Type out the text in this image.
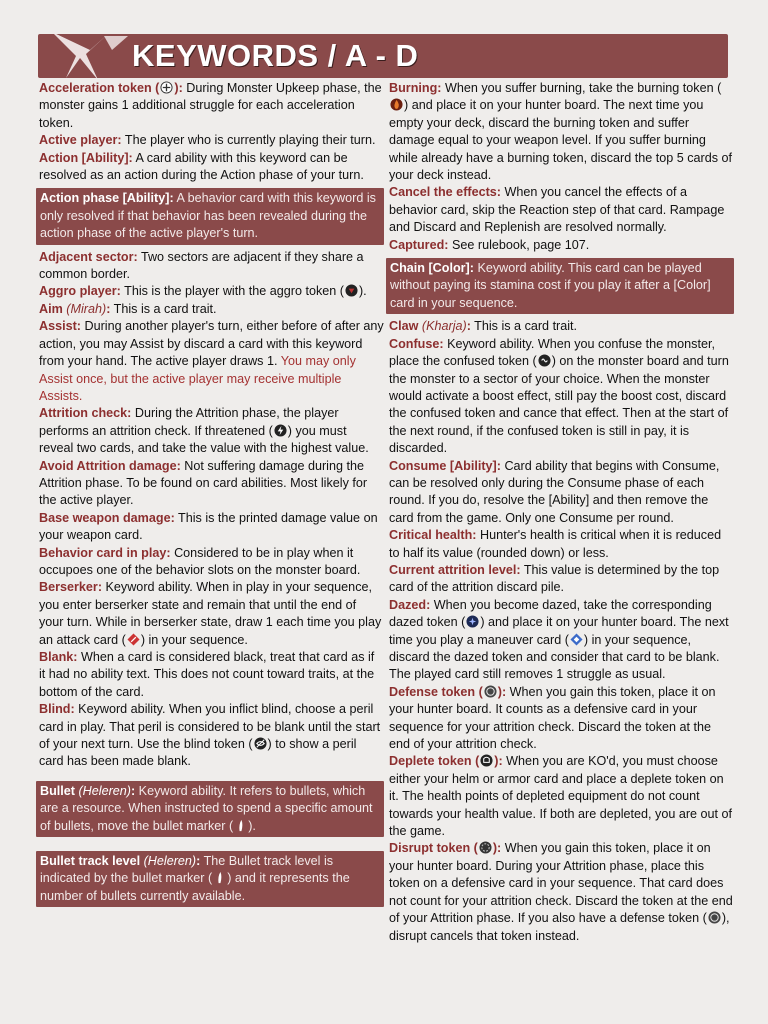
KEYWORDS / A - D

Acceleration token ( ): During Monster Upkeep phase, the monster gains 1 additional struggle for each acceleration token.

Active player: The player who is currently playing their turn.

Action [Ability]: A card ability with this keyword can be resolved as an action during the Action phase of your turn.

Action phase [Ability]: A behavior card with this keyword is only resolved if that behavior has been revealed during the action phase of the active player's turn.

Adjacent sector: Two sectors are adjacent if they share a common border.

Aggro player: This is the player with the aggro token ( ).

Aim (Mirah): This is a card trait.

Assist: During another player's turn, either before of after any action, you may Assist by discard a card with this keyword from your hand. The active player draws 1. You may only Assist once, but the active player may receive multiple Assists.

Attrition check: During the Attrition phase, the player performs an attrition check. If threatened ( ) you must reveal two cards, and take the value with the highest value.

Avoid Attrition damage: Not suffering damage during the Attrition phase. To be found on card abilities. Most likely for the active player.

Base weapon damage: This is the printed damage value on your weapon card.

Behavior card in play: Considered to be in play when it occupoes one of the behavior slots on the monster board.

Berserker: Keyword ability. When in play in your sequence, you enter berserker state and remain that until the end of your turn. While in berserker state, draw 1 each time you play an attack card ( ) in your sequence.

Blank: When a card is considered black, treat that card as if it had no ability text. This does not count toward traits, at the bottom of the card.

Blind: Keyword ability. When you inflict blind, choose a peril card in play. That peril is considered to be blank until the start of your next turn. Use the blind token ( ) to show a peril card has been made blank.

Bullet (Heleren): Keyword ability. It refers to bullets, which are a resource. When instructed to spend a specific amount of bullets, move the bullet marker ( ).

Bullet track level (Heleren): The Bullet track level is indicated by the bullet marker ( ) and it represents the number of bullets currently available.

Burning: When you suffer burning, take the burning token () and place it on your hunter board. The next time you empty your deck, discard the burning token and suffer damage equal to your weapon level. If you suffer burning while already have a burning token, discard the top 5 cards of your deck instead.

Cancel the effects: When you cancel the effects of a behavior card, skip the Reaction step of that card. Rampage and Discard and Replenish are resolved normally.

Captured: See rulebook, page 107.

Chain [Color]: Keyword ability. This card can be played without paying its stamina cost if you play it after a [Color] card in your sequence.

Claw (Kharja): This is a card trait.

Confuse: Keyword ability. When you confuse the monster, place the confused token ( ) on the monster board and turn the monster to a sector of your choice. When the monster would activate a boost effect, still pay the boost cost, discard the confused token and cance that effect. Then at the start of the next round, if the confused token is still in pay, it is discarded.

Consume [Ability]: Card ability that begins with Consume, can be resolved only during the Consume phase of each round. If you do, resolve the [Ability] and then remove the card from the game. Only one Consume per round.

Critical health: Hunter's health is critical when it is reduced to half its value (rounded down) or less.

Current attrition level: This value is determined by the top card of the attrition discard pile.

Dazed: When you become dazed, take the corresponding dazed token ( ) and place it on your hunter board. The next time you play a maneuver card ( ) in your sequence, discard the dazed token and consider that card to be blank. The played card still removes 1 struggle as usual.

Defense token ( ): When you gain this token, place it on your hunter board. It counts as a defensive card in your sequence for your attrition check. Discard the token at the end of your attrition check.

Deplete token ( ): When you are KO'd, you must choose either your helm or armor card and place a deplete token on it. The health points of depleted equipment do not count towards your health value. If both are depleted, you are out of the game.

Disrupt token ( ): When you gain this token, place it on your hunter board. During your Attrition phase, place this token on a defensive card in your sequence. That card does not count for your attrition check. Discard the token at the end of your Attrition phase. If you also have a defense token ( ), disrupt cancels that token instead.
